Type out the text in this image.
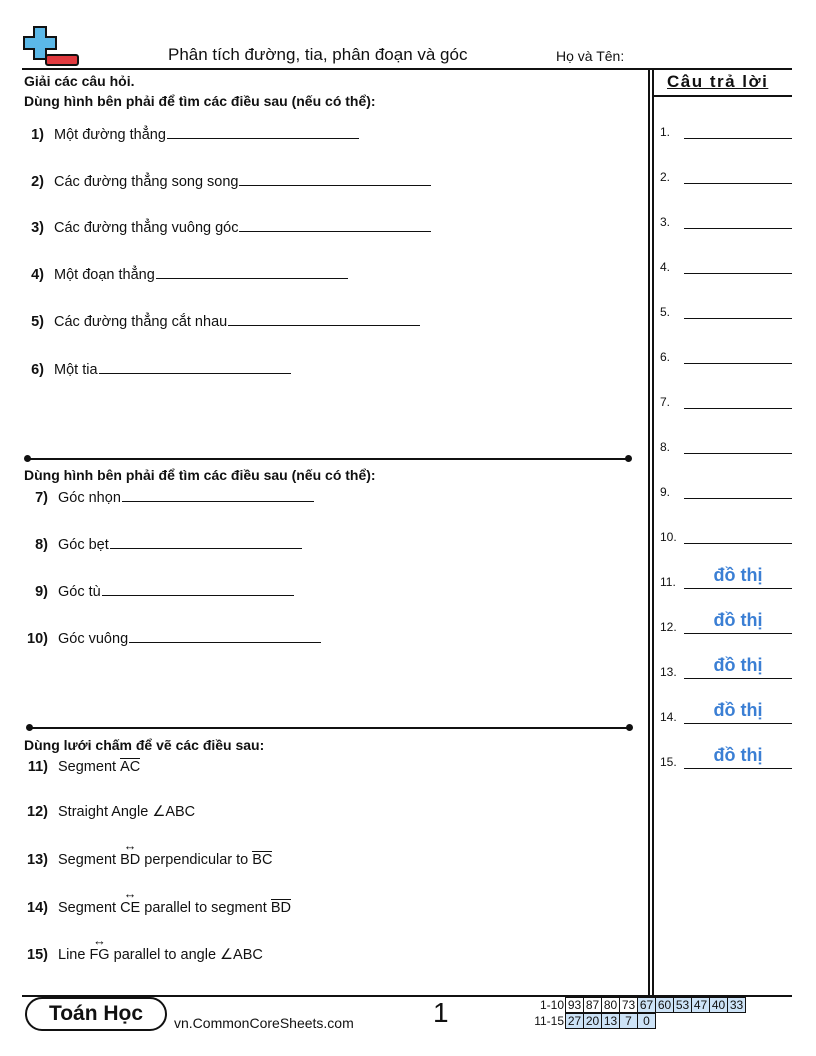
Phân tích đường, tia, phân đoạn và góc	Họ và Tên:
Giải các câu hỏi.
Dùng hình bên phải để tìm các điều sau (nếu có thể):
1) Một đường thẳng
2) Các đường thẳng song song
3) Các đường thẳng vuông góc
4) Một đoạn thẳng
5) Các đường thẳng cắt nhau
6) Một tia
Dùng hình bên phải để tìm các điều sau (nếu có thể):
7) Góc nhọn
8) Góc bẹt
9) Góc tù
10) Góc vuông
Dùng lưới chấm để vẽ các điều sau:
11) Segment
AC
12) Straight Angle ∠ABC
13) Segment
↔ BD
perpendicular to
BC
14) Segment
↔ CE
parallel to segment
BD
15) Line
↔ FG
parallel to angle ∠ABC
Câu trả lời
1.
2.
3.
4.
5.
6.
7.
8.
9.
10.
11.	đồ thị
12.	đồ thị
13.	đồ thị
14.	đồ thị
15.	đồ thị
Toán Học	vn.CommonCoreSheets.com	1	1-10 93 87 80 73 67 60 53 47 40 33
11-15 27 20 13 7 0
